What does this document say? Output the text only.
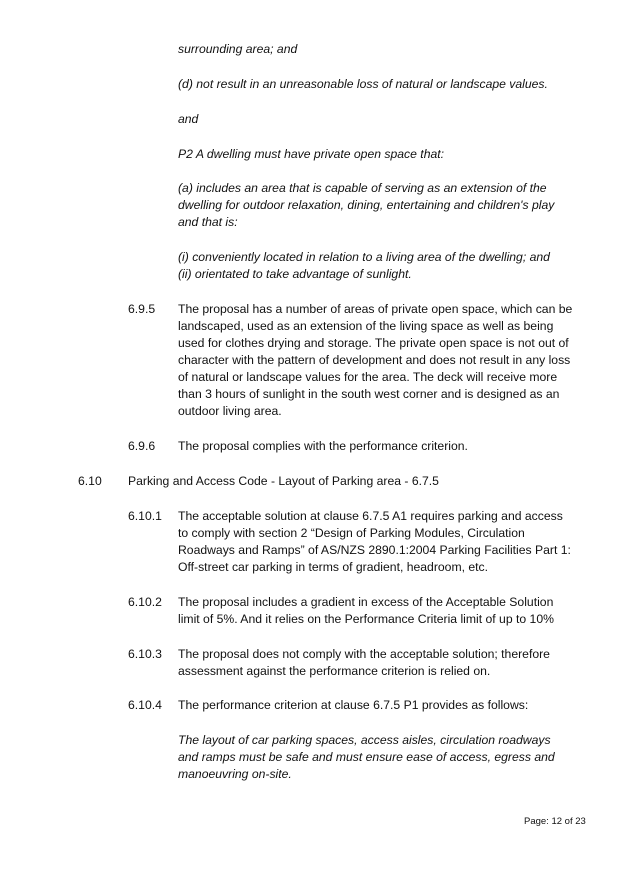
surrounding area; and
(d) not result in an unreasonable loss of natural or landscape values.
and
P2 A dwelling must have private open space that:
(a) includes an area that is capable of serving as an extension of the
dwelling for outdoor relaxation, dining, entertaining and children's play
and that is:
(i) conveniently located in relation to a living area of the dwelling; and
(ii) orientated to take advantage of sunlight.
6.9.5 The proposal has a number of areas of private open space, which can be
landscaped, used as an extension of the living space as well as being
used for clothes drying and storage. The private open space is not out of
character with the pattern of development and does not result in any loss
of natural or landscape values for the area. The deck will receive more
than 3 hours of sunlight in the south west corner and is designed as an
outdoor living area.
6.9.6 The proposal complies with the performance criterion.
6.10 Parking and Access Code - Layout of Parking area - 6.7.5
6.10.1 The acceptable solution at clause 6.7.5 A1 requires parking and access
to comply with section 2 “Design of Parking Modules, Circulation
Roadways and Ramps” of AS/NZS 2890.1:2004 Parking Facilities Part 1:
Off-street car parking in terms of gradient, headroom, etc.
6.10.2 The proposal includes a gradient in excess of the Acceptable Solution
limit of 5%. And it relies on the Performance Criteria limit of up to 10%
6.10.3 The proposal does not comply with the acceptable solution; therefore
assessment against the performance criterion is relied on.
6.10.4 The performance criterion at clause 6.7.5 P1 provides as follows:
The layout of car parking spaces, access aisles, circulation roadways
and ramps must be safe and must ensure ease of access, egress and
manoeuvring on-site.
Page: 12 of 23
